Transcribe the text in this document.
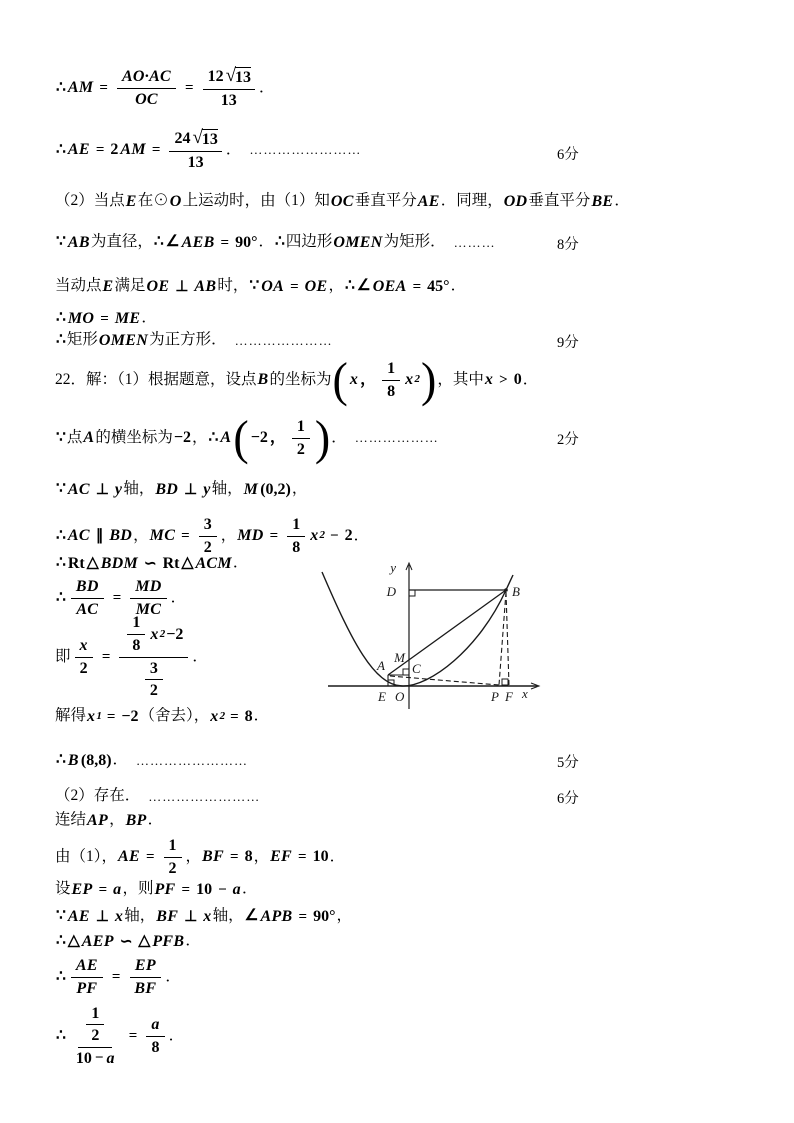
∴ AM = $\frac{AO\cdot AC}{OC} = \frac{12 √ 13}{13}$ ．
∴ AE = 2 AM = $\frac{24 √ 13}{13}$ ． ……………………	6分
（2）当点 E 在⊙ O 上运动时，由（1）知 OC 垂直平分 AE ．同理， OD 垂直平分 BE ．
∵ AB 为直径， ∴ ∠ AEB = 90° ． ∴ 四边形 OMEN 为矩形． ………	8分
当动点 E 满足 OE ⊥ AB 时， ∵ OA = OE ， ∴ ∠ OEA = 45° ．
∴ MO = ME ．
∴ 矩形 OMEN 为正方形． …………………	9分
22．解：（1）根据题意，设点 B 的坐标为 ( x ，
1
8
x 2 ) ，其中 x > 0 ．
∵ 点 A 的横坐标为 −2 ， ∴ A ( −2 ，
1
2 ) ． ………………	2分
∵ AC ⊥ y 轴， BD ⊥ y 轴， M (0,2) ，
∴ AC ∥ BD ， MC = $\frac{3}{2}$ ， MD = $\frac{1}{8}$ x 2 − 2 ．
∴ Rt △ BDM ∽ Rt △ ACM ．
∴ $\frac{BD}{AC} = \frac{MD}{MC}$ ．
即 $\frac{x}{2} = 1$
8
x 2 −2
3
2 ．
解得 x 1 = −2 （舍去）， x 2 = 8 ．
∴ B (8,8) ． ……………………	5分
（2）存在． ……………………	6分
连结 AP ， BP ．
由（1）， AE = $\frac{1}{2}$ ， BF = 8 ， EF = 10 ．
设 EP = a ，则 PF = 10 − a ．
∵ AE ⊥ x 轴， BF ⊥ x 轴， ∠ APB = 90° ，
∴ △ AEP ∽ △ PFB ．
∴ $\frac{AE}{PF} = \frac{EP}{BF}$ ．
∴ 1
2
$10 - a = \frac{a}{8}$ ．
y
D	B
M
A C
E O	P F x
